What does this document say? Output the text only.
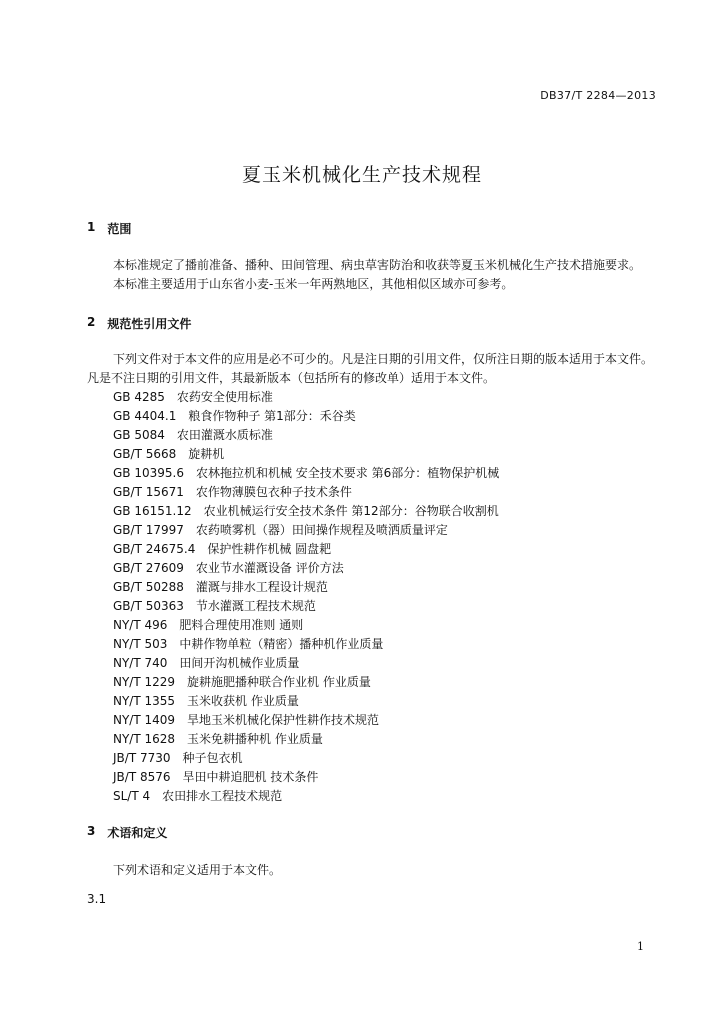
DB37/T 2284—2013
夏玉米机械化生产技术规程
1 范围

本标准规定了播前准备、播种、田间管理、病虫草害防治和收获等夏玉米机械化生产技术措施要求。

本标准主要适用于山东省小麦-玉米一年两熟地区，其他相似区域亦可参考。

2 规范性引用文件

下列文件对于本文件的应用是必不可少的。凡是注日期的引用文件，仅所注日期的版本适用于本文件。凡是不注日期的引用文件，其最新版本（包括所有的修改单）适用于本文件。

GB 4285 农药安全使用标准
GB 4404.1 粮食作物种子 第1部分：禾谷类
GB 5084 农田灌溉水质标准
GB/T 5668 旋耕机
GB 10395.6 农林拖拉机和机械 安全技术要求 第6部分：植物保护机械
GB/T 15671 农作物薄膜包衣种子技术条件
GB 16151.12 农业机械运行安全技术条件 第12部分：谷物联合收割机
GB/T 17997 农药喷雾机（器）田间操作规程及喷洒质量评定
GB/T 24675.4 保护性耕作机械 圆盘耙
GB/T 27609 农业节水灌溉设备 评价方法
GB/T 50288 灌溉与排水工程设计规范
GB/T 50363 节水灌溉工程技术规范
NY/T 496 肥料合理使用准则 通则
NY/T 503 中耕作物单粒（精密）播种机作业质量
NY/T 740 田间开沟机械作业质量
NY/T 1229 旋耕施肥播种联合作业机 作业质量
NY/T 1355 玉米收获机 作业质量
NY/T 1409 旱地玉米机械化保护性耕作技术规范
NY/T 1628 玉米免耕播种机 作业质量
JB/T 7730 种子包衣机
JB/T 8576 旱田中耕追肥机 技术条件
SL/T 4 农田排水工程技术规范
3 术语和定义

下列术语和定义适用于本文件。

3.1
1
